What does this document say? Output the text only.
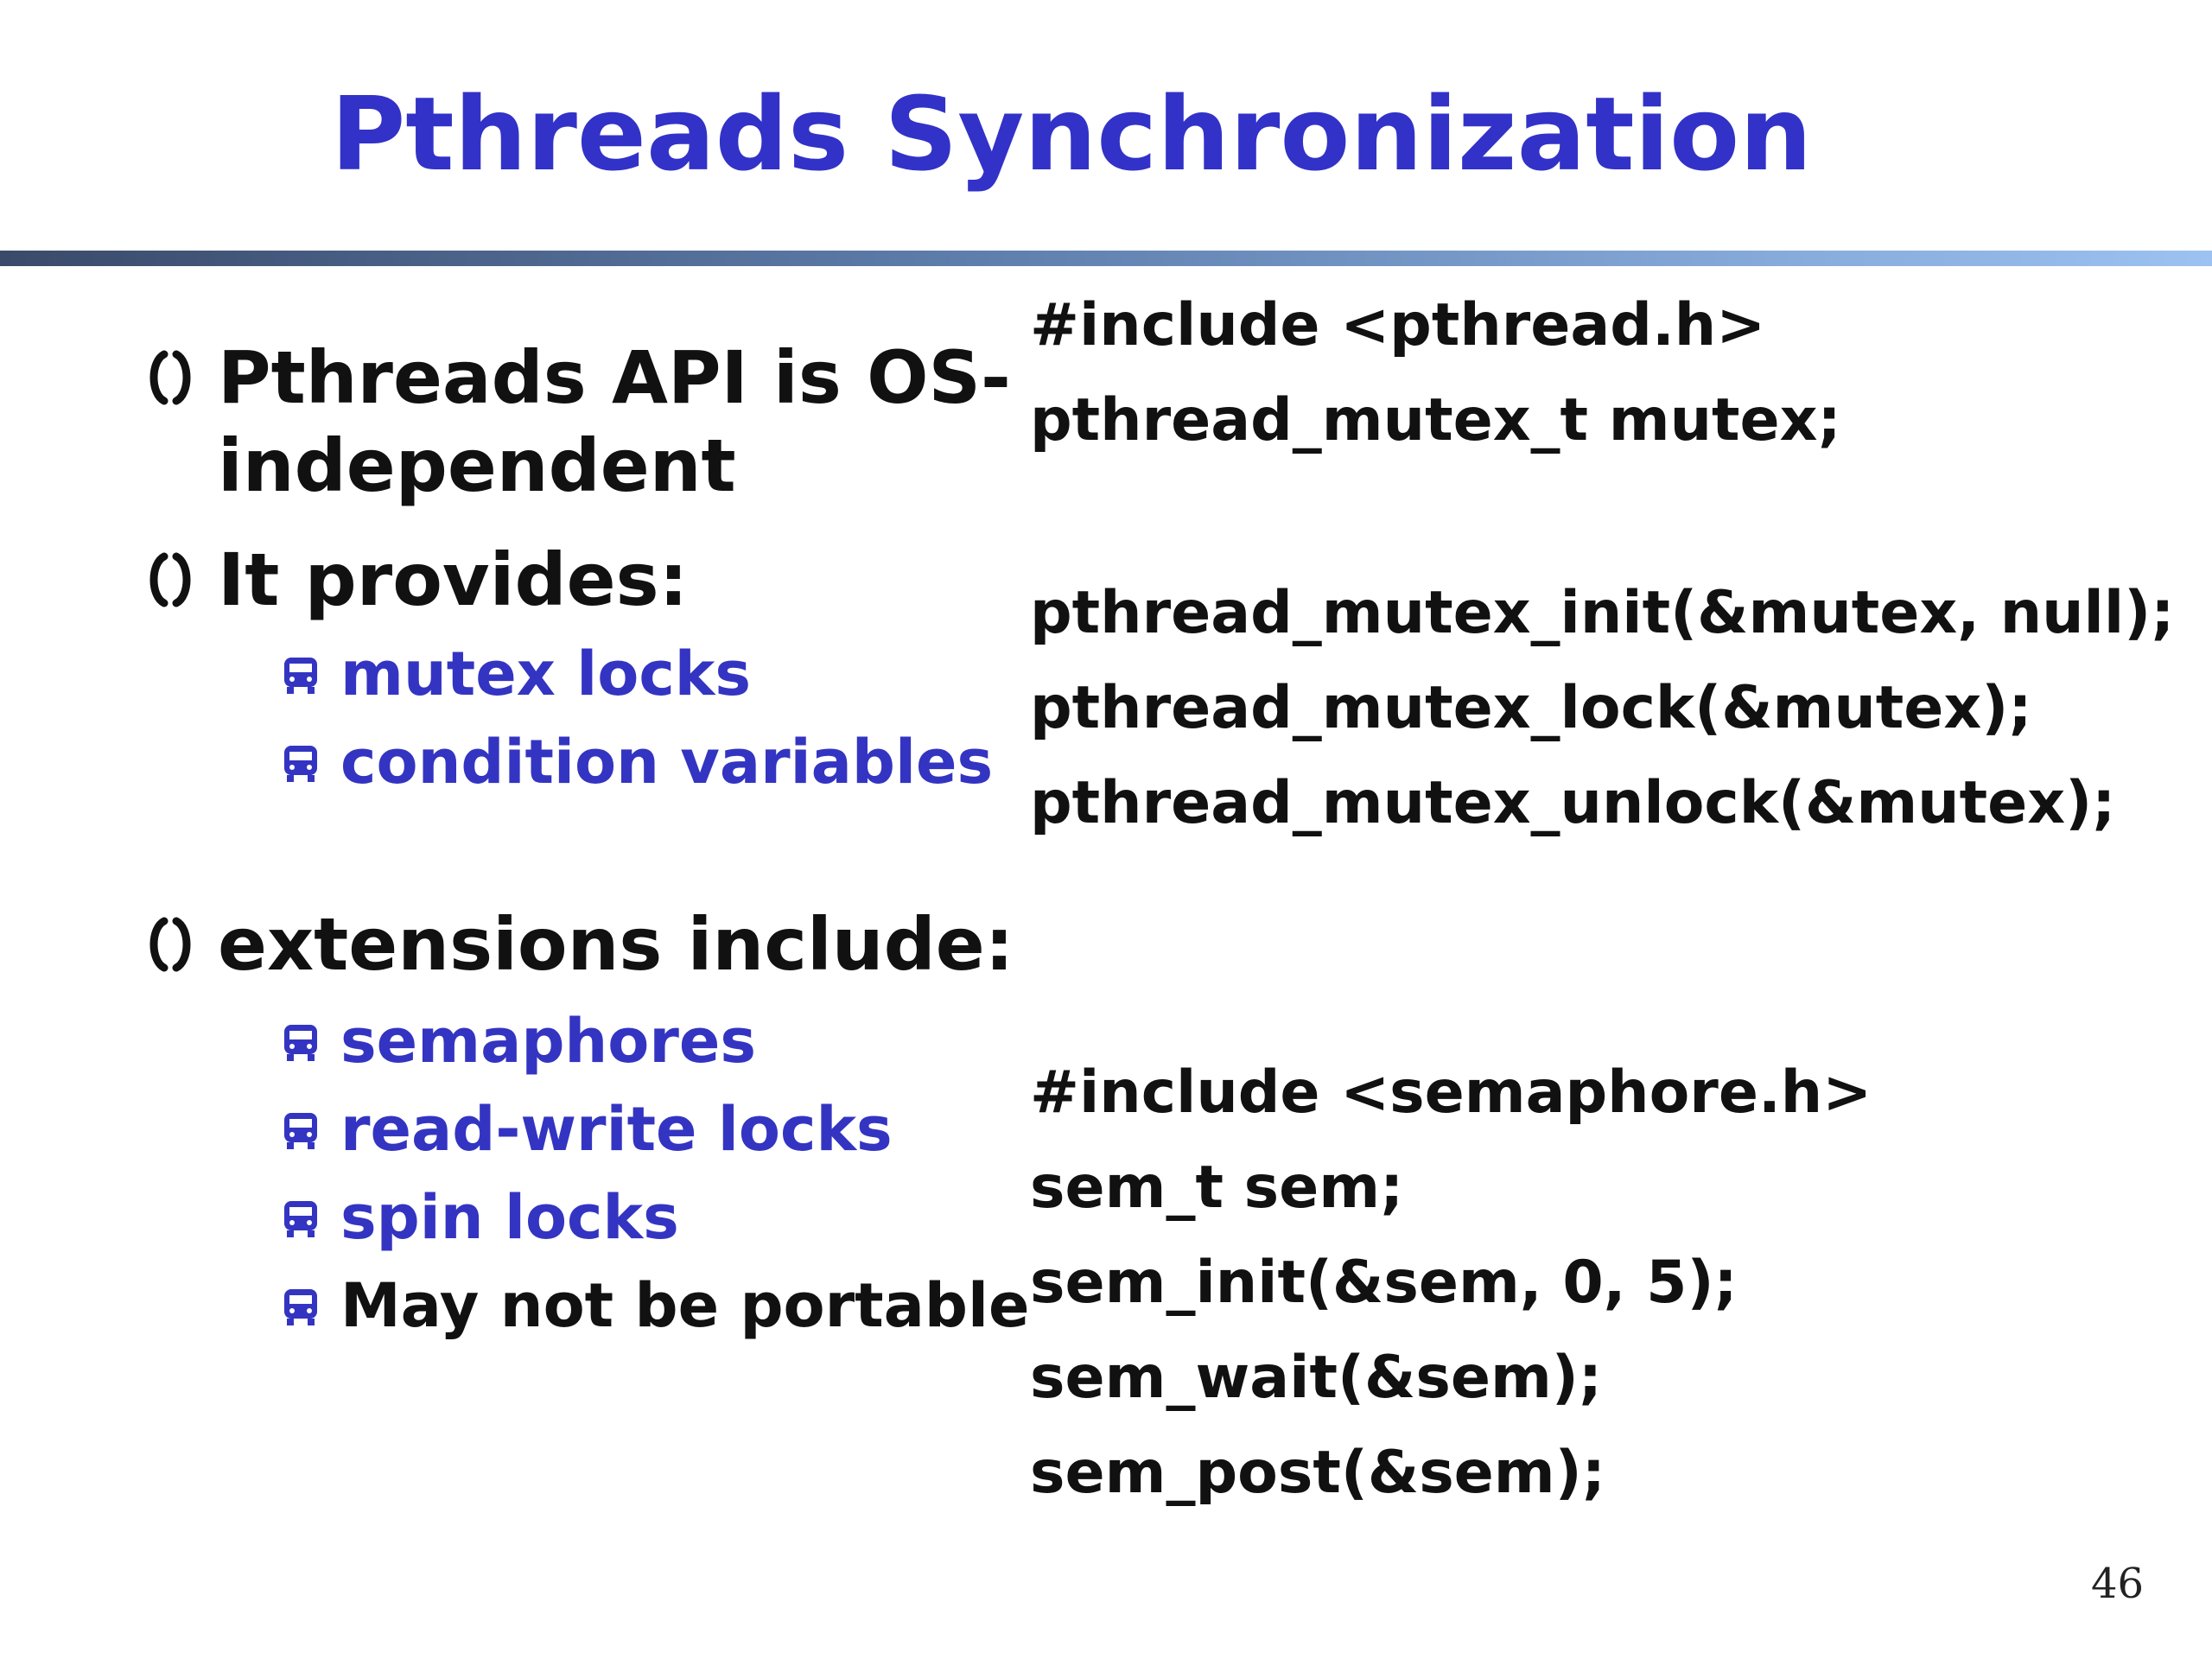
Pthreads Synchronization
Pthreads API is OS-
independent
It provides:
mutex locks
condition variables
extensions include:
semaphores
read-write locks
spin locks
May not be portable
#include <pthread.h>
pthread_mutex_t mutex;
pthread_mutex_init(&mutex, null);
pthread_mutex_lock(&mutex);
pthread_mutex_unlock(&mutex);
#include <semaphore.h>
sem_t sem;
sem_init(&sem, 0, 5);
sem_wait(&sem);
sem_post(&sem);
46
